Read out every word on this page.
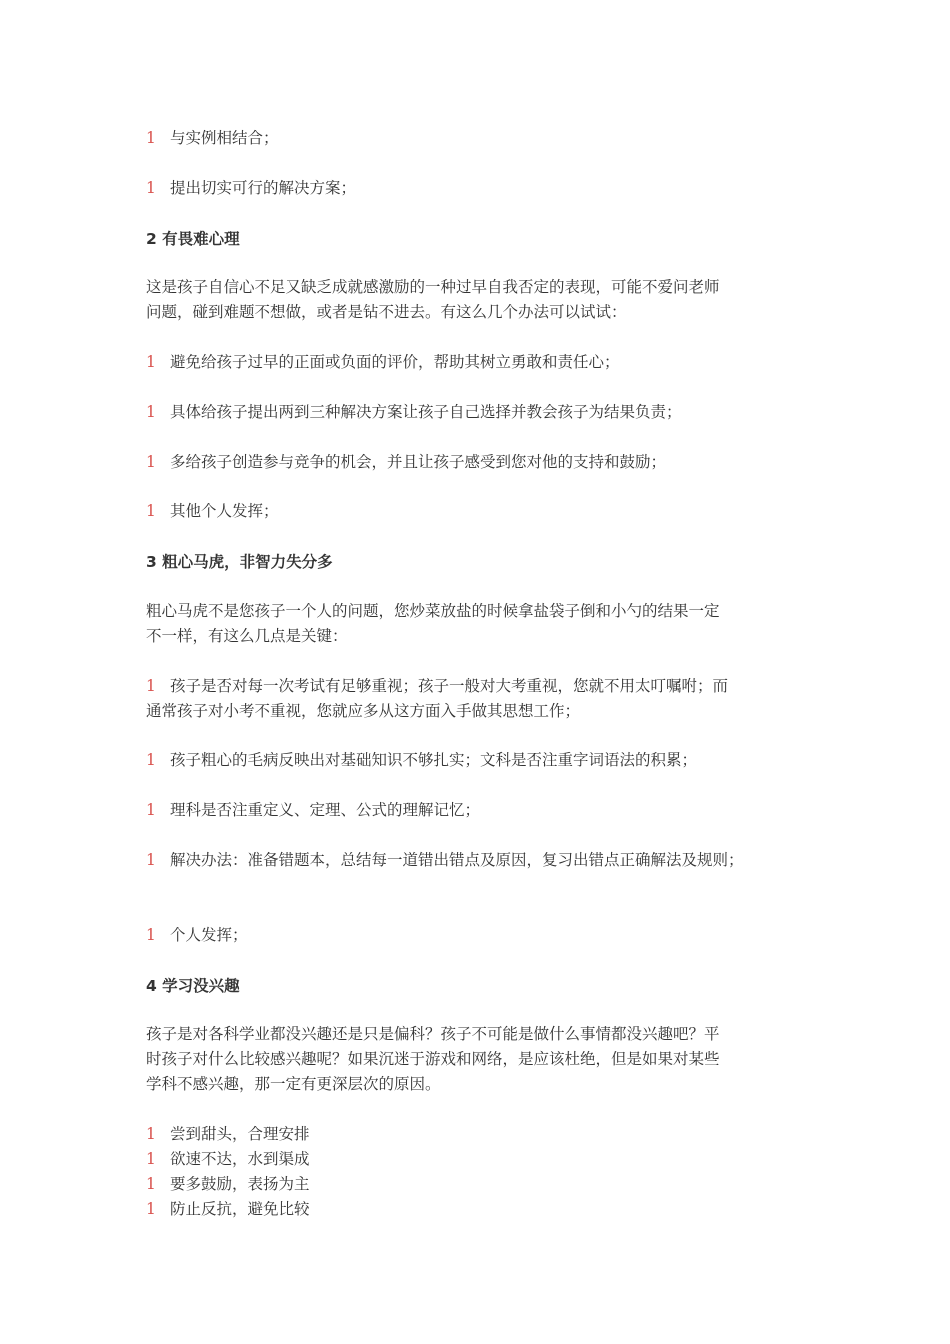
1 与实例相结合；
1 提出切实可行的解决方案；
2 有畏难心理
这是孩子自信心不足又缺乏成就感激励的一种过早自我否定的表现，可能不爱问老师
问题，碰到难题不想做，或者是钻不进去。有这么几个办法可以试试：
1 避免给孩子过早的正面或负面的评价，帮助其树立勇敢和责任心；
1 具体给孩子提出两到三种解决方案让孩子自己选择并教会孩子为结果负责；
1 多给孩子创造参与竞争的机会，并且让孩子感受到您对他的支持和鼓励；
1 其他个人发挥；
3 粗心马虎，非智力失分多
粗心马虎不是您孩子一个人的问题，您炒菜放盐的时候拿盐袋子倒和小勺的结果一定
不一样，有这么几点是关键：
1 孩子是否对每一次考试有足够重视；孩子一般对大考重视，您就不用太叮嘱咐；而
通常孩子对小考不重视，您就应多从这方面入手做其思想工作；
1 孩子粗心的毛病反映出对基础知识不够扎实；文科是否注重字词语法的积累；
1 理科是否注重定义、定理、公式的理解记忆；
1 解决办法：准备错题本，总结每一道错出错点及原因，复习出错点正确解法及规则；
1 个人发挥；
4 学习没兴趣
孩子是对各科学业都没兴趣还是只是偏科？孩子不可能是做什么事情都没兴趣吧？平
时孩子对什么比较感兴趣呢？如果沉迷于游戏和网络，是应该杜绝，但是如果对某些
学科不感兴趣，那一定有更深层次的原因。
1 尝到甜头，合理安排
1 欲速不达，水到渠成
1 要多鼓励，表扬为主
1 防止反抗，避免比较
